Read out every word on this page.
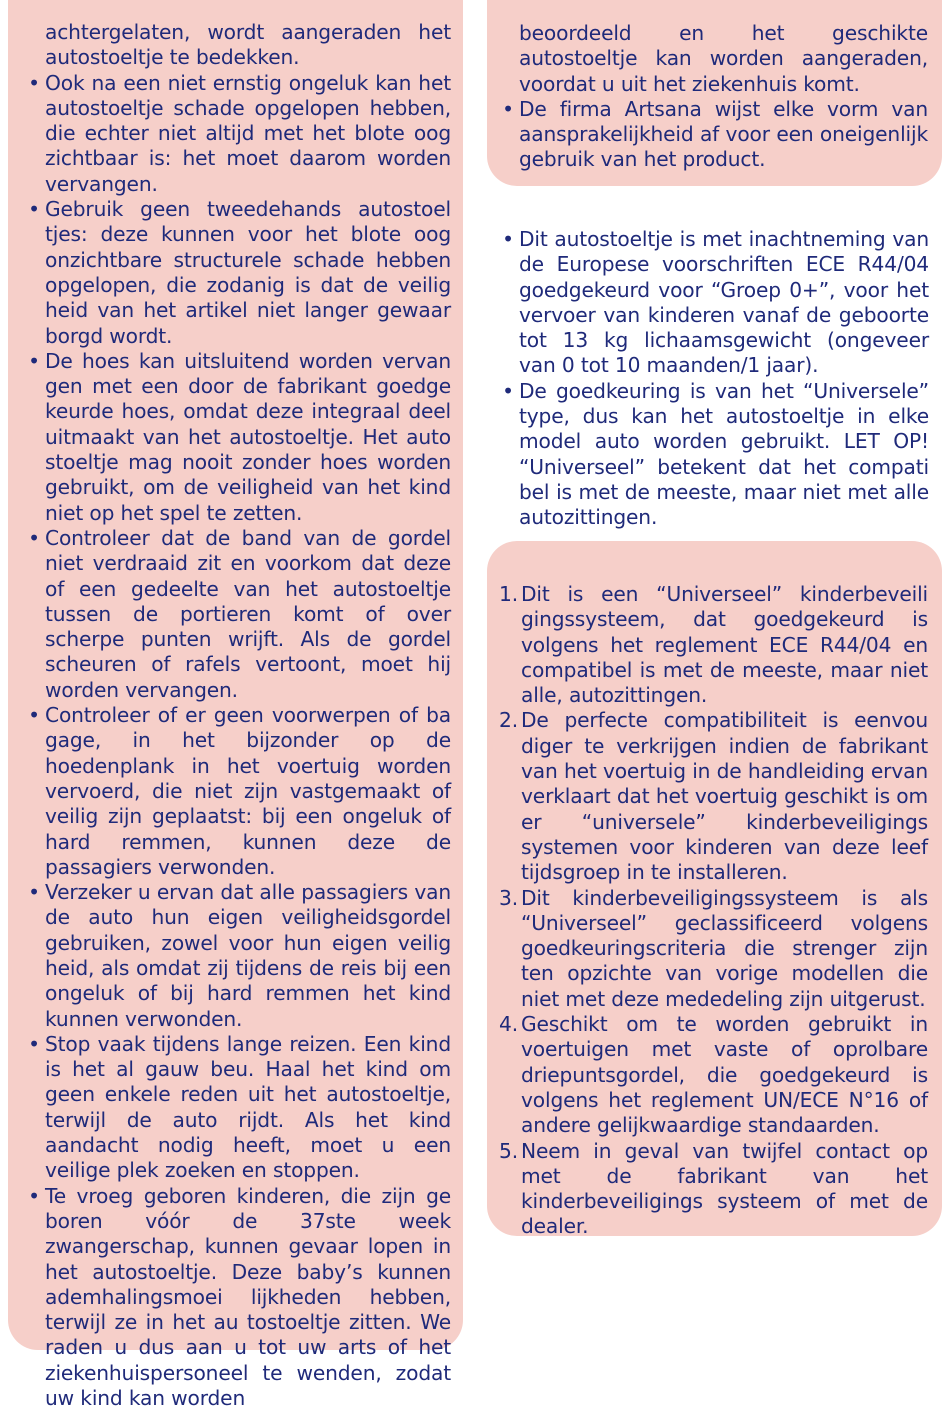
achtergelaten, wordt aangeraden het autostoeltje te bedekken.
• Ook na een niet ernstig ongeluk kan het autostoeltje schade opgelopen hebben, die echter niet altijd met het blote oog zichtbaar is: het moet daarom worden vervangen.
• Gebruik geen tweedehands autostoel tjes: deze kunnen voor het blote oog onzichtbare structurele schade hebben opgelopen, die zodanig is dat de veilig heid van het artikel niet langer gewaar borgd wordt.
• De hoes kan uitsluitend worden vervan gen met een door de fabrikant goedge keurde hoes, omdat deze integraal deel uitmaakt van het autostoeltje. Het auto stoeltje mag nooit zonder hoes worden gebruikt, om de veiligheid van het kind niet op het spel te zetten.
• Controleer dat de band van de gordel niet verdraaid zit en voorkom dat deze of een gedeelte van het autostoeltje tussen de portieren komt of over scherpe punten wrijft. Als de gordel scheuren of rafels vertoont, moet hij worden vervangen.
• Controleer of er geen voorwerpen of ba gage, in het bijzonder op de hoedenplank in het voertuig worden vervoerd, die niet zijn vastgemaakt of veilig zijn geplaatst: bij een ongeluk of hard remmen, kunnen deze de passagiers verwonden.
• Verzeker u ervan dat alle passagiers van de auto hun eigen veiligheidsgordel gebruiken, zowel voor hun eigen veilig heid, als omdat zij tijdens de reis bij een ongeluk of bij hard remmen het kind kunnen verwonden.
• Stop vaak tijdens lange reizen. Een kind is het al gauw beu. Haal het kind om geen enkele reden uit het autostoeltje, terwijl de auto rijdt. Als het kind aandacht nodig heeft, moet u een veilige plek zoeken en stoppen.
• Te vroeg geboren kinderen, die zijn ge boren vóór de 37ste week zwangerschap, kunnen gevaar lopen in het autostoeltje. Deze baby’s kunnen ademhalingsmoei lijkheden hebben, terwijl ze in het au tostoeltje zitten. We raden u dus aan u tot uw arts of het ziekenhuispersoneel te wenden, zodat uw kind kan worden
beoordeeld en het geschikte autostoeltje kan worden aangeraden, voordat u uit het ziekenhuis komt.
• De firma Artsana wijst elke vorm van aansprakelijkheid af voor een oneigenlijk gebruik van het product.
• Dit autostoeltje is met inachtneming van de Europese voorschriften ECE R44/04 goedgekeurd voor “Groep 0+”, voor het vervoer van kinderen vanaf de geboorte tot 13 kg lichaamsgewicht (ongeveer van 0 tot 10 maanden/1 jaar).
• De goedkeuring is van het “Universele” type, dus kan het autostoeltje in elke model auto worden gebruikt. LET OP! “Universeel” betekent dat het compati bel is met de meeste, maar niet met alle autozittingen.
1. Dit is een “Universeel” kinderbeveili gingssysteem, dat goedgekeurd is volgens het reglement ECE R44/04 en compatibel is met de meeste, maar niet alle, autozittingen.
2. De perfecte compatibiliteit is eenvou diger te verkrijgen indien de fabrikant van het voertuig in de handleiding ervan verklaart dat het voertuig geschikt is om er “universele” kinderbeveiligings systemen voor kinderen van deze leef tijdsgroep in te installeren.
3. Dit kinderbeveiligingssysteem is als “Universeel” geclassificeerd volgens goedkeuringscriteria die strenger zijn ten opzichte van vorige modellen die niet met deze mededeling zijn uitgerust.
4. Geschikt om te worden gebruikt in voertuigen met vaste of oprolbare driepuntsgordel, die goedgekeurd is volgens het reglement UN/ECE N°16 of andere gelijkwaardige standaarden.
5. Neem in geval van twijfel contact op met de fabrikant van het kinderbeveiligings systeem of met de dealer.
